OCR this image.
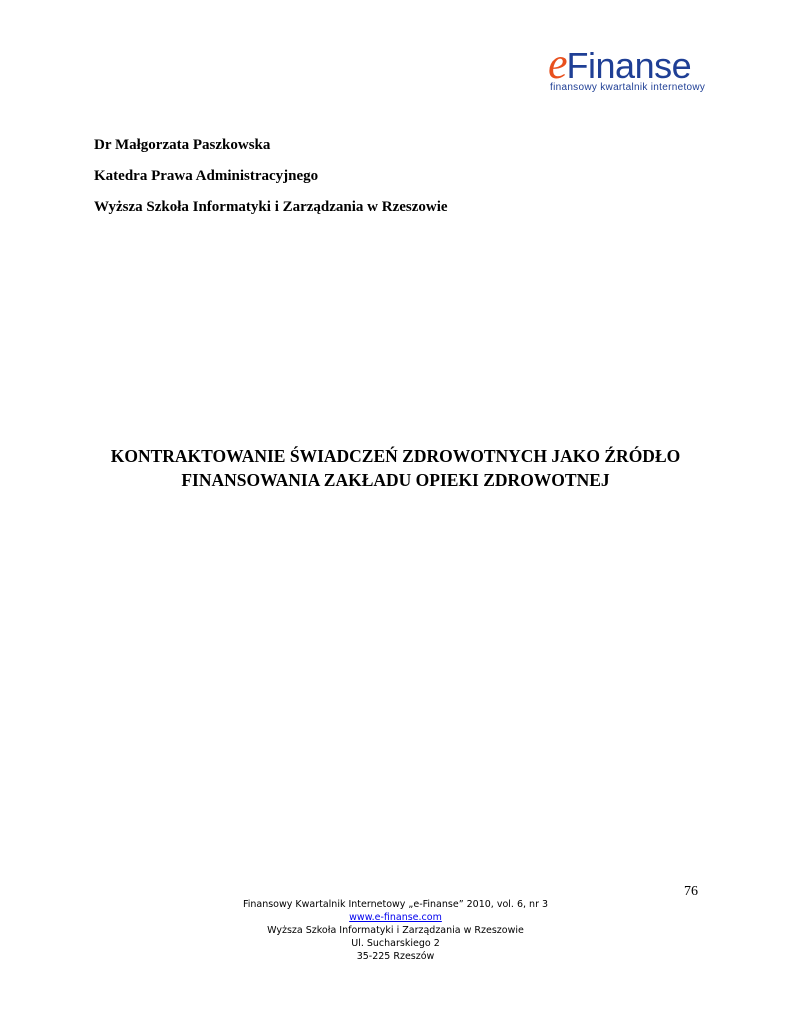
eFinanse
finansowy kwartalnik internetowy
Dr Małgorzata Paszkowska
Katedra Prawa Administracyjnego
Wyższa Szkoła Informatyki i Zarządzania w Rzeszowie
KONTRAKTOWANIE ŚWIADCZEŃ ZDROWOTNYCH JAKO ŹRÓDŁO
FINANSOWANIA ZAKŁADU OPIEKI ZDROWOTNEJ
76
Finansowy Kwartalnik Internetowy „e-Finanse” 2010, vol. 6, nr 3
www.e-finanse.com
Wyższa Szkoła Informatyki i Zarządzania w Rzeszowie
Ul. Sucharskiego 2
35-225 Rzeszów
